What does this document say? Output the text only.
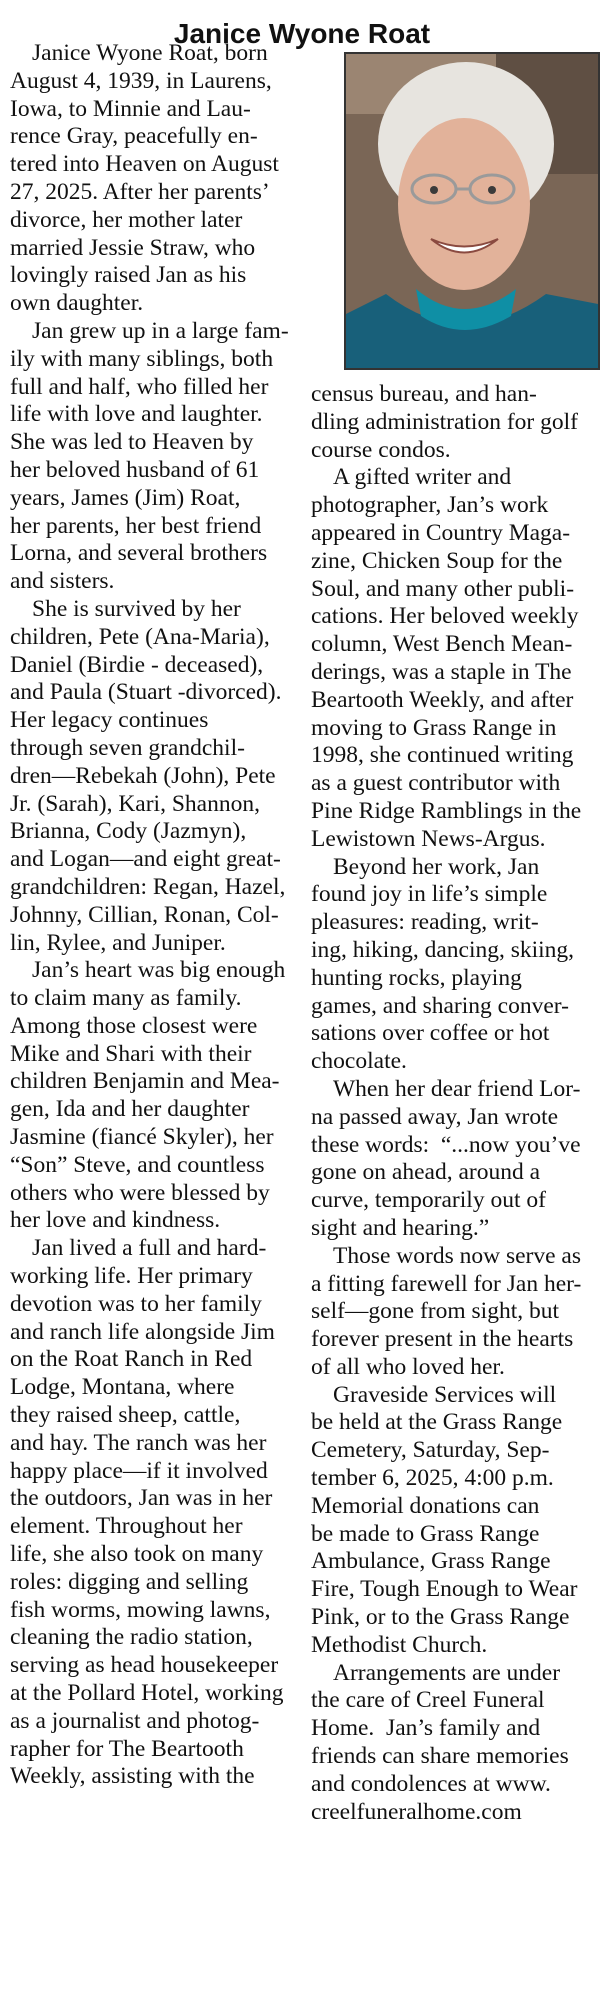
Janice Wyone Roat
Janice Wyone Roat, born
August 4, 1939, in Laurens,
Iowa, to Minnie and Lau-
rence Gray, peacefully en-
tered into Heaven on August
27, 2025. After her parents’
divorce, her mother later
married Jessie Straw, who
lovingly raised Jan as his
own daughter.
Jan grew up in a large fam-
ily with many siblings, both
full and half, who filled her
life with love and laughter.
She was led to Heaven by
her beloved husband of 61
years, James (Jim) Roat,
her parents, her best friend
Lorna, and several brothers
and sisters.
She is survived by her
children, Pete (Ana-Maria),
Daniel (Birdie - deceased),
and Paula (Stuart -divorced).
Her legacy continues
through seven grandchil-
dren—Rebekah (John), Pete
Jr. (Sarah), Kari, Shannon,
Brianna, Cody (Jazmyn),
and Logan—and eight great-
grandchildren: Regan, Hazel,
Johnny, Cillian, Ronan, Col-
lin, Rylee, and Juniper.
Jan’s heart was big enough
to claim many as family.
Among those closest were
Mike and Shari with their
children Benjamin and Mea-
gen, Ida and her daughter
Jasmine (fiancé Skyler), her
“Son” Steve, and countless
others who were blessed by
her love and kindness.
Jan lived a full and hard-
working life. Her primary
devotion was to her family
and ranch life alongside Jim
on the Roat Ranch in Red
Lodge, Montana, where
they raised sheep, cattle,
and hay. The ranch was her
happy place—if it involved
the outdoors, Jan was in her
element. Throughout her
life, she also took on many
roles: digging and selling
fish worms, mowing lawns,
cleaning the radio station,
serving as head housekeeper
at the Pollard Hotel, working
as a journalist and photog-
rapher for The Beartooth
Weekly, assisting with the
census bureau, and han-
dling administration for golf
course condos.
A gifted writer and
photographer, Jan’s work
appeared in Country Maga-
zine, Chicken Soup for the
Soul, and many other publi-
cations. Her beloved weekly
column, West Bench Mean-
derings, was a staple in The
Beartooth Weekly, and after
moving to Grass Range in
1998, she continued writing
as a guest contributor with
Pine Ridge Ramblings in the
Lewistown News-Argus.
Beyond her work, Jan
found joy in life’s simple
pleasures: reading, writ-
ing, hiking, dancing, skiing,
hunting rocks, playing
games, and sharing conver-
sations over coffee or hot
chocolate.
When her dear friend Lor-
na passed away, Jan wrote
these words:  “...now you’ve
gone on ahead, around a
curve, temporarily out of
sight and hearing.”
Those words now serve as
a fitting farewell for Jan her-
self—gone from sight, but
forever present in the hearts
of all who loved her.
Graveside Services will
be held at the Grass Range
Cemetery, Saturday, Sep-
tember 6, 2025, 4:00 p.m.
Memorial donations can
be made to Grass Range
Ambulance, Grass Range
Fire, Tough Enough to Wear
Pink, or to the Grass Range
Methodist Church.
Arrangements are under
the care of Creel Funeral
Home.  Jan’s family and
friends can share memories
and condolences at www.
creelfuneralhome.com
